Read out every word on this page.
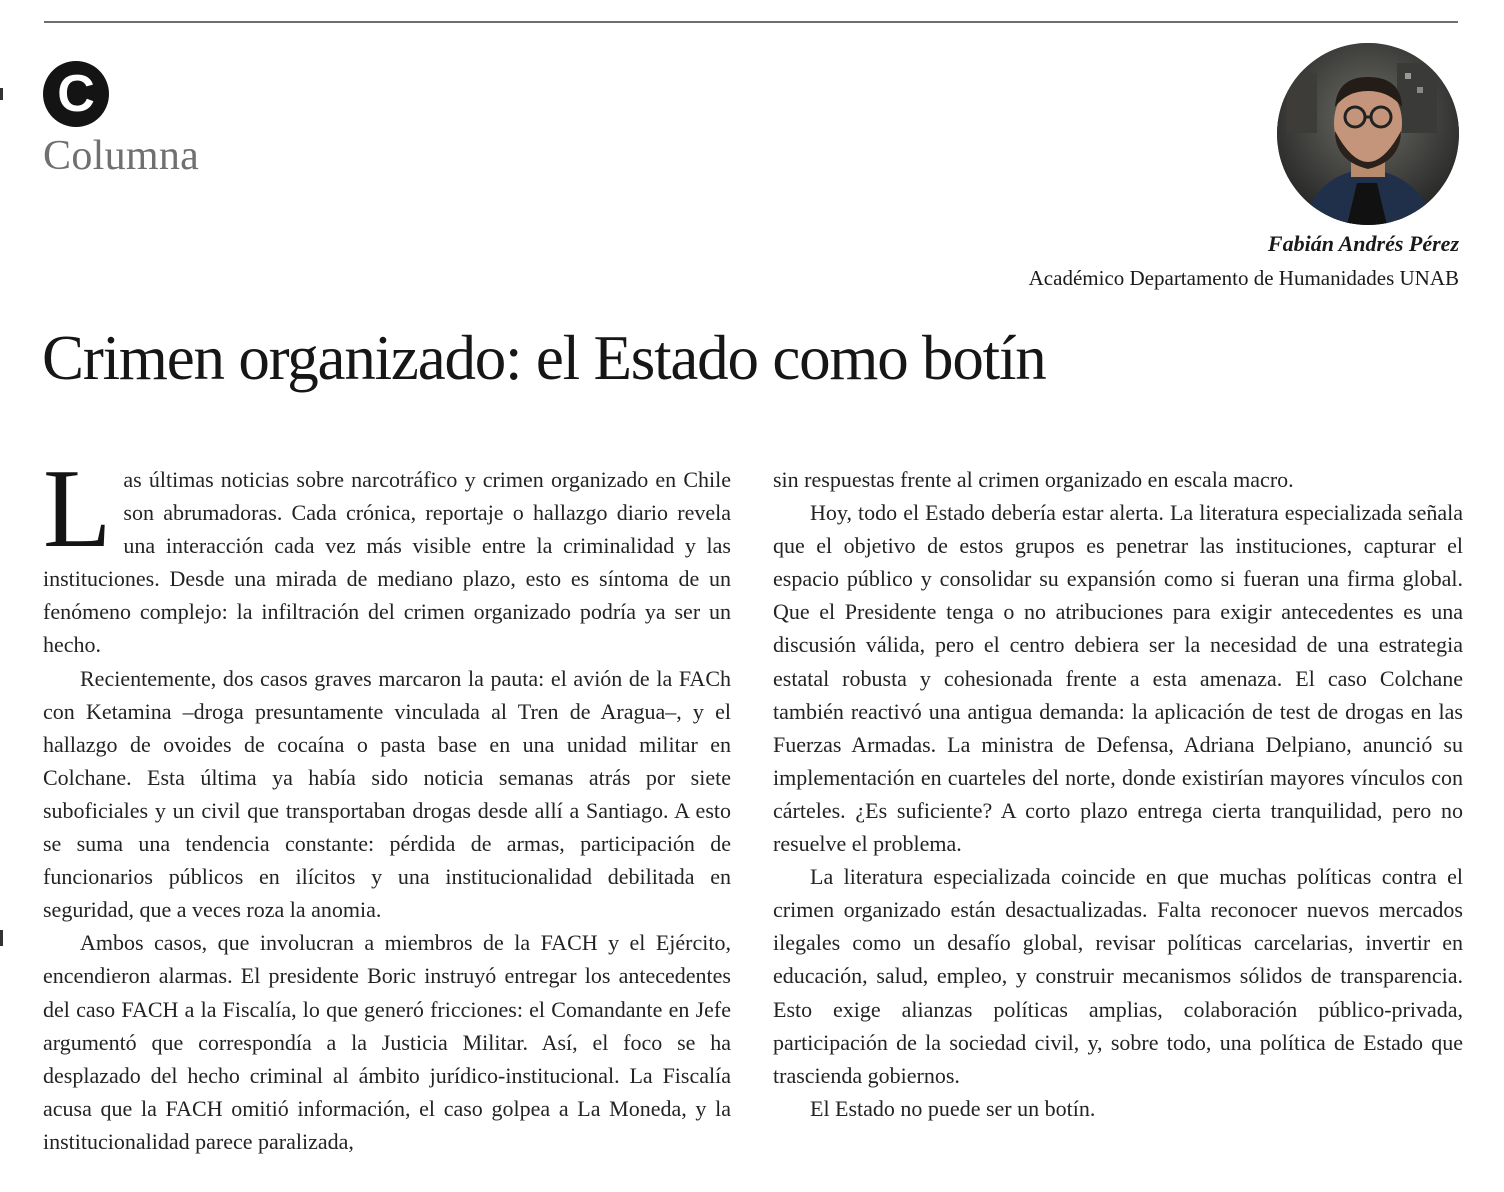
C
Columna
Fabián Andrés Pérez
Académico Departamento de Humanidades UNAB
Crimen organizado: el Estado como botín

Las últimas noticias sobre narcotráfico y crimen organizado en Chile son abrumadoras. Cada crónica, reportaje o hallazgo diario revela una interacción cada vez más visible entre la criminalidad y las instituciones. Desde una mirada de mediano plazo, esto es síntoma de un fenómeno complejo: la infiltración del crimen organizado podría ya ser un hecho.

Recientemente, dos casos graves marcaron la pauta: el avión de la FACh con Ketamina –droga presuntamente vinculada al Tren de Aragua–, y el hallazgo de ovoides de cocaína o pasta base en una unidad militar en Colchane. Esta última ya había sido noticia semanas atrás por siete suboficiales y un civil que transportaban drogas desde allí a Santiago. A esto se suma una tendencia constante: pérdida de armas, participación de funcionarios públicos en ilícitos y una institucionalidad debilitada en seguridad, que a veces roza la anomia.

Ambos casos, que involucran a miembros de la FACH y el Ejército, encendieron alarmas. El presidente Boric instruyó entregar los antecedentes del caso FACH a la Fiscalía, lo que generó fricciones: el Comandante en Jefe argumentó que correspondía a la Justicia Militar. Así, el foco se ha desplazado del hecho criminal al ámbito jurídico-institucional. La Fiscalía acusa que la FACH omitió información, el caso golpea a La Moneda, y la institucionalidad parece paralizada,

sin respuestas frente al crimen organizado en escala macro.

Hoy, todo el Estado debería estar alerta. La literatura especializada señala que el objetivo de estos grupos es penetrar las instituciones, capturar el espacio público y consolidar su expansión como si fueran una firma global. Que el Presidente tenga o no atribuciones para exigir antecedentes es una discusión válida, pero el centro debiera ser la necesidad de una estrategia estatal robusta y cohesionada frente a esta amenaza. El caso Colchane también reactivó una antigua demanda: la aplicación de test de drogas en las Fuerzas Armadas. La ministra de Defensa, Adriana Delpiano, anunció su implementación en cuarteles del norte, donde existirían mayores vínculos con cárteles. ¿Es suficiente? A corto plazo entrega cierta tranquilidad, pero no resuelve el problema.

La literatura especializada coincide en que muchas políticas contra el crimen organizado están desactualizadas. Falta reconocer nuevos mercados ilegales como un desafío global, revisar políticas carcelarias, invertir en educación, salud, empleo, y construir mecanismos sólidos de transparencia. Esto exige alianzas políticas amplias, colaboración público-privada, participación de la sociedad civil, y, sobre todo, una política de Estado que trascienda gobiernos.

El Estado no puede ser un botín.
